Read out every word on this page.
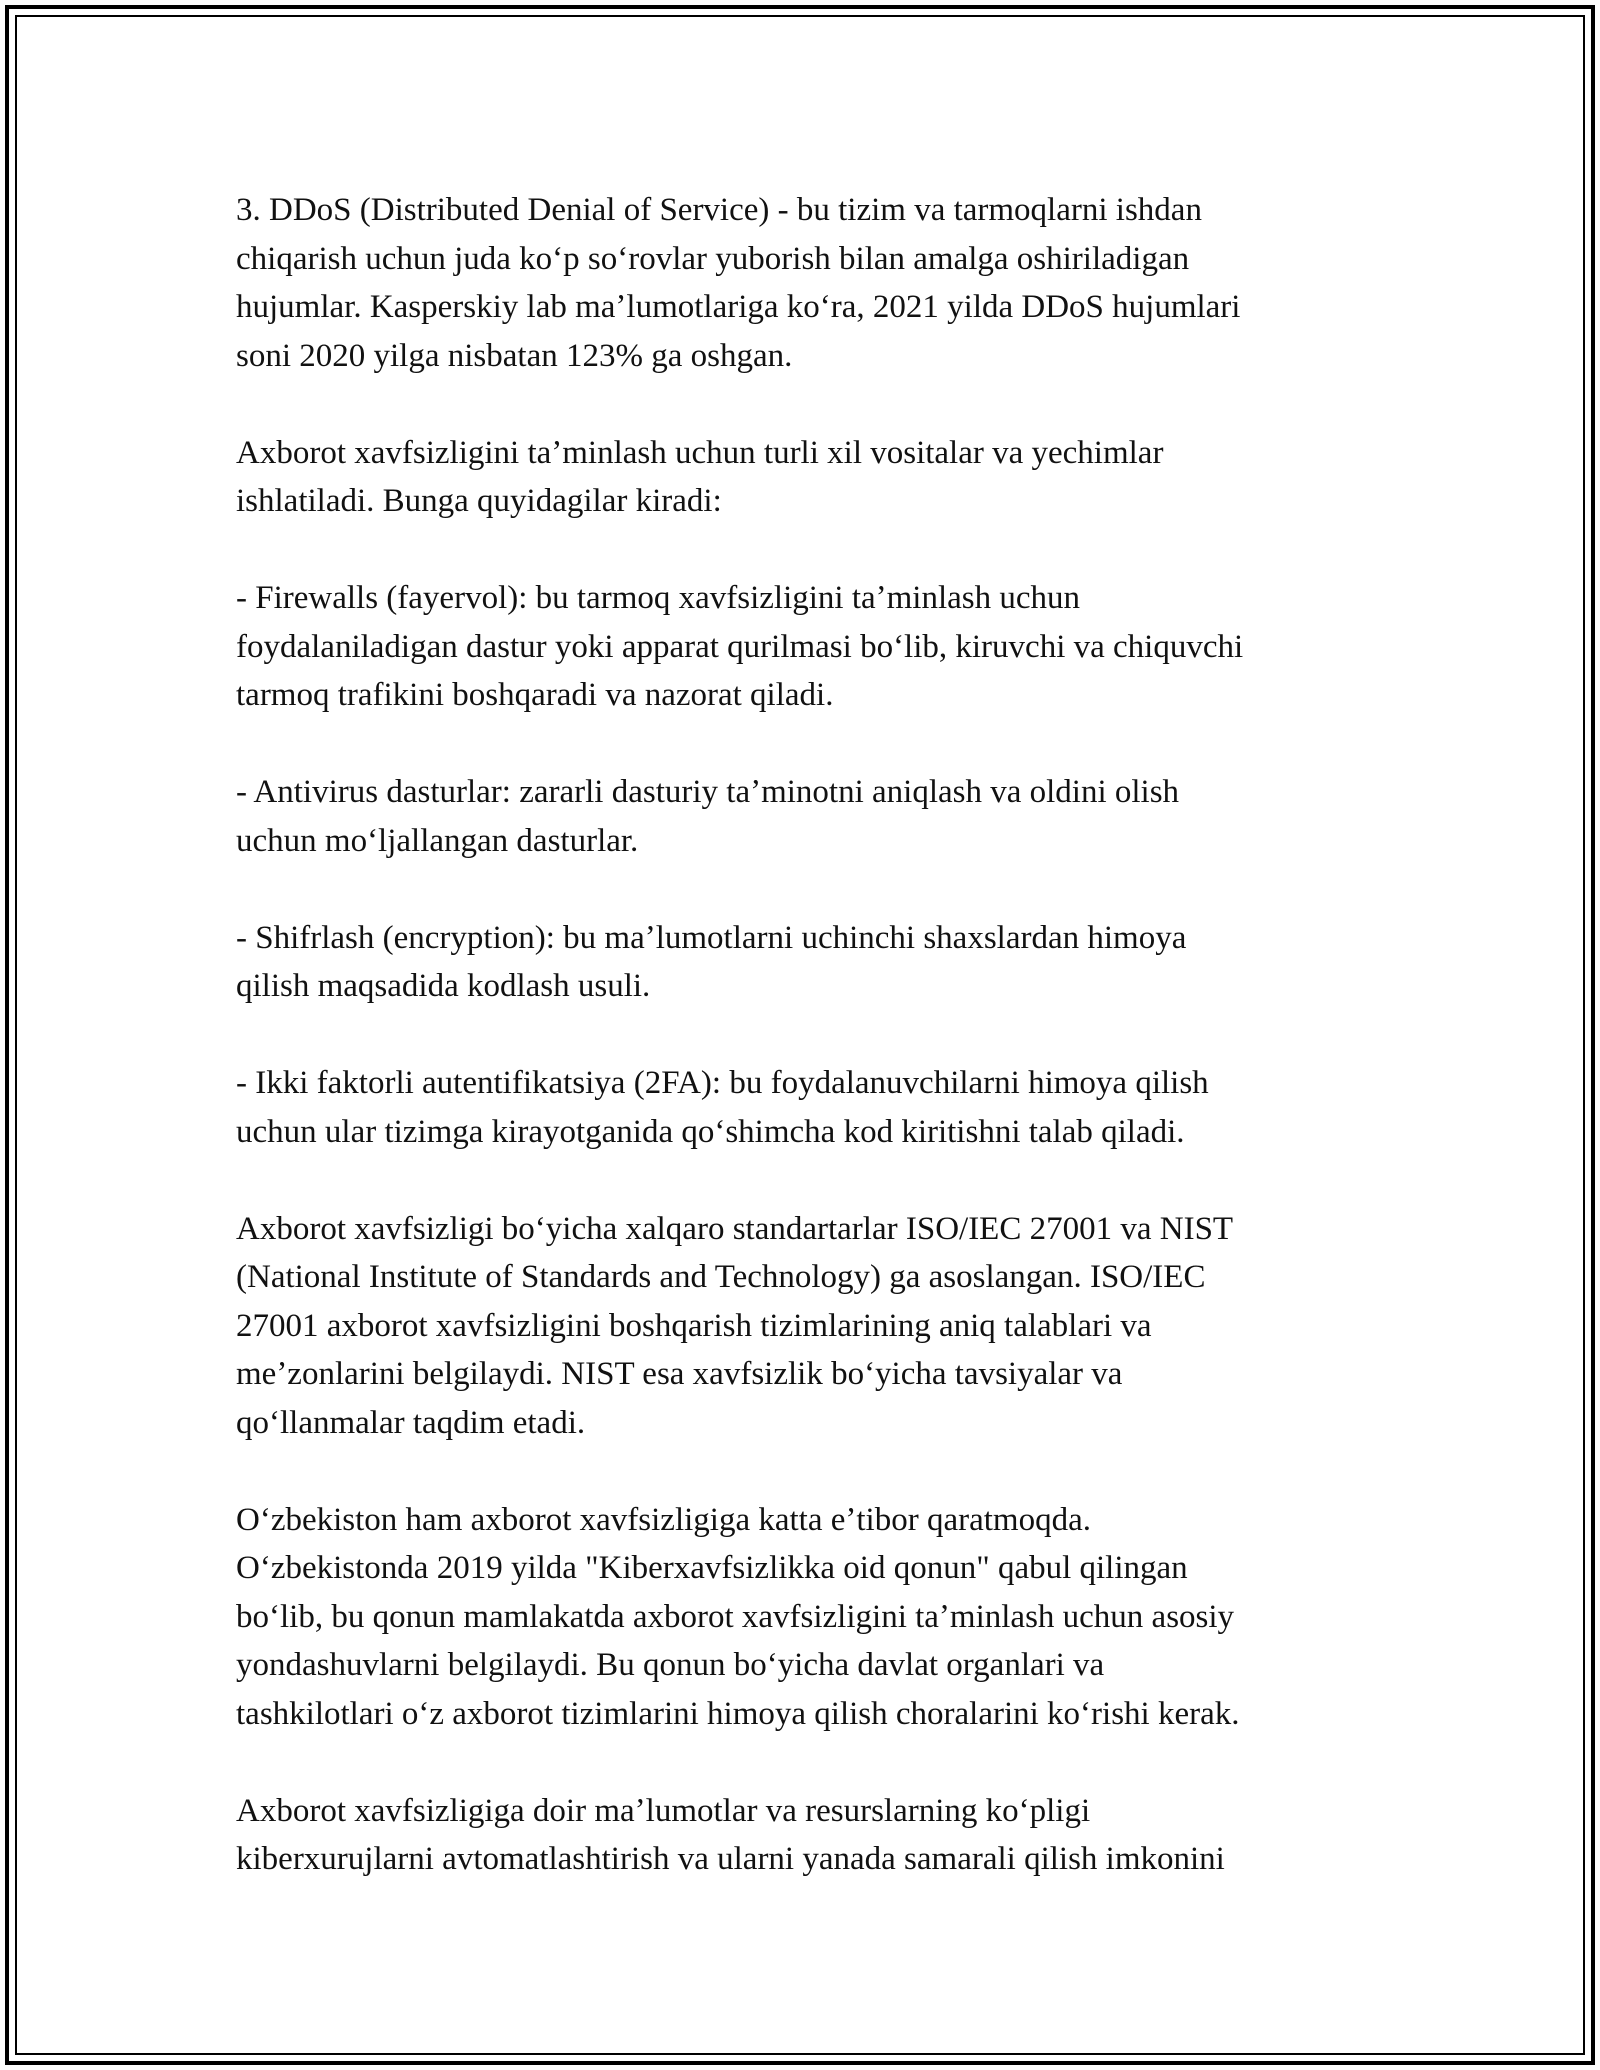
3. DDoS (Distributed Denial of Service) - bu tizim va tarmoqlarni ishdan
chiqarish uchun juda koʻp soʻrovlar yuborish bilan amalga oshiriladigan
hujumlar. Kasperskiy lab maʼlumotlariga koʻra, 2021 yilda DDoS hujumlari
soni 2020 yilga nisbatan 123% ga oshgan.

Axborot xavfsizligini taʼminlash uchun turli xil vositalar va yechimlar
ishlatiladi. Bunga quyidagilar kiradi:

- Firewalls (fayervol): bu tarmoq xavfsizligini taʼminlash uchun
foydalaniladigan dastur yoki apparat qurilmasi boʻlib, kiruvchi va chiquvchi
tarmoq trafikini boshqaradi va nazorat qiladi.

- Antivirus dasturlar: zararli dasturiy taʼminotni aniqlash va oldini olish
uchun moʻljallangan dasturlar.

- Shifrlash (encryption): bu maʼlumotlarni uchinchi shaxslardan himoya
qilish maqsadida kodlash usuli.

- Ikki faktorli autentifikatsiya (2FA): bu foydalanuvchilarni himoya qilish
uchun ular tizimga kirayotganida qoʻshimcha kod kiritishni talab qiladi.

Axborot xavfsizligi boʻyicha xalqaro standartarlar ISO/IEC 27001 va NIST
(National Institute of Standards and Technology) ga asoslangan. ISO/IEC
27001 axborot xavfsizligini boshqarish tizimlarining aniq talablari va
meʼzonlarini belgilaydi. NIST esa xavfsizlik boʻyicha tavsiyalar va
qoʻllanmalar taqdim etadi.

Oʻzbekiston ham axborot xavfsizligiga katta eʼtibor qaratmoqda.
Oʻzbekistonda 2019 yilda "Kiberxavfsizlikka oid qonun" qabul qilingan
boʻlib, bu qonun mamlakatda axborot xavfsizligini taʼminlash uchun asosiy
yondashuvlarni belgilaydi. Bu qonun boʻyicha davlat organlari va
tashkilotlari oʻz axborot tizimlarini himoya qilish choralarini koʻrishi kerak.

Axborot xavfsizligiga doir maʼlumotlar va resurslarning koʻpligi
kiberxurujlarni avtomatlashtirish va ularni yanada samarali qilish imkonini
